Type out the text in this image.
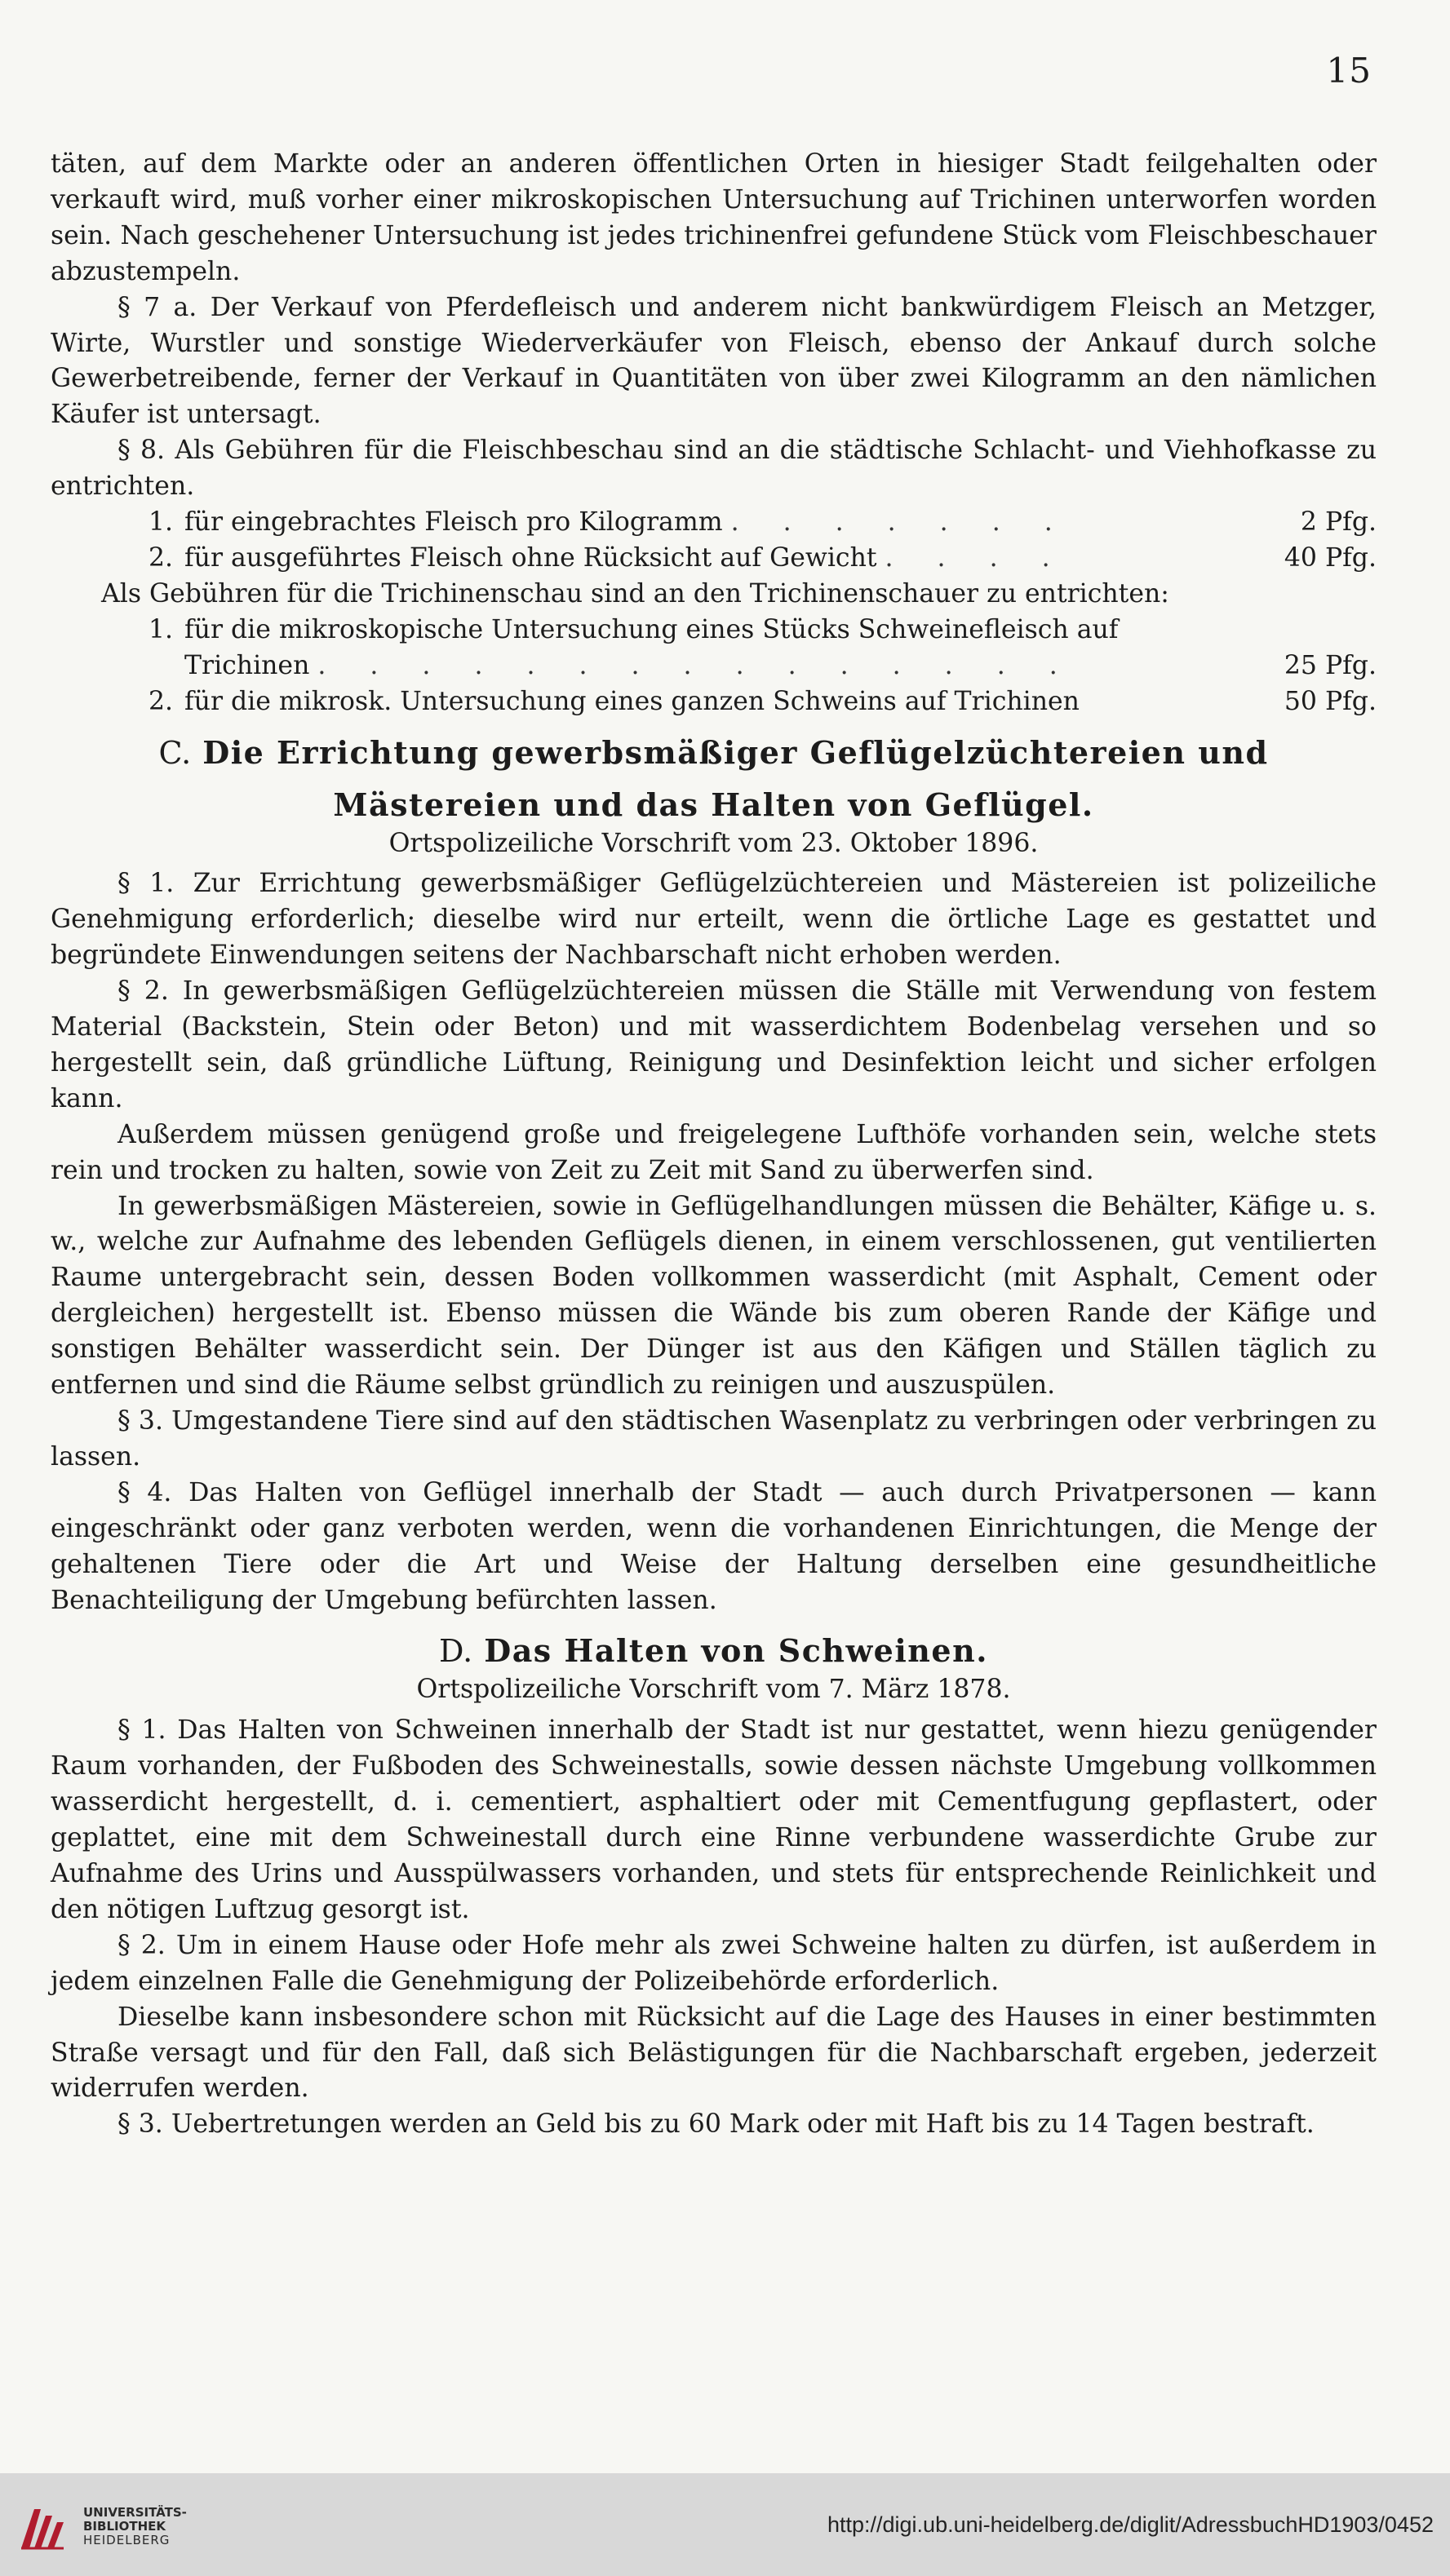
15

täten, auf dem Markte oder an anderen öffentlichen Orten in hiesiger Stadt feilgehalten oder verkauft wird, muß vorher einer mikroskopischen Untersuchung auf Trichinen unterworfen worden sein. Nach geschehener Untersuchung ist jedes trichinenfrei gefundene Stück vom Fleischbeschauer abzustempeln.

§ 7 a. Der Verkauf von Pferdefleisch und anderem nicht bankwürdigem Fleisch an Metzger, Wirte, Wurstler und sonstige Wiederverkäufer von Fleisch, ebenso der Ankauf durch solche Gewerbetreibende, ferner der Verkauf in Quantitäten von über zwei Kilogramm an den nämlichen Käufer ist untersagt.

§ 8. Als Gebühren für die Fleischbeschau sind an die städtische Schlacht- und Viehhofkasse zu entrichten.

1. für eingebrachtes Fleisch pro Kilogramm . . . . . . .	2 Pfg.
2. für ausgeführtes Fleisch ohne Rücksicht auf Gewicht . . . .	40 Pfg.

Als Gebühren für die Trichinenschau sind an den Trichinenschauer zu entrichten:

1. für die mikroskopische Untersuchung eines Stücks Schweinefleisch auf
Trichinen . . . . . . . . . . . . . . .	25 Pfg.
2. für die mikrosk. Untersuchung eines ganzen Schweins auf Trichinen	50 Pfg.
C. Die Errichtung gewerbsmäßiger Geflügelzüchtereien und
Mästereien und das Halten von Geflügel.
Ortspolizeiliche Vorschrift vom 23. Oktober 1896.

§ 1. Zur Errichtung gewerbsmäßiger Geflügelzüchtereien und Mästereien ist polizeiliche Genehmigung erforderlich; dieselbe wird nur erteilt, wenn die örtliche Lage es gestattet und begründete Einwendungen seitens der Nachbarschaft nicht erhoben werden.

§ 2. In gewerbsmäßigen Geflügelzüchtereien müssen die Ställe mit Verwendung von festem Material (Backstein, Stein oder Beton) und mit wasserdichtem Bodenbelag versehen und so hergestellt sein, daß gründliche Lüftung, Reinigung und Desinfektion leicht und sicher erfolgen kann.

Außerdem müssen genügend große und freigelegene Lufthöfe vorhanden sein, welche stets rein und trocken zu halten, sowie von Zeit zu Zeit mit Sand zu überwerfen sind.

In gewerbsmäßigen Mästereien, sowie in Geflügelhandlungen müssen die Behälter, Käfige u. s. w., welche zur Aufnahme des lebenden Geflügels dienen, in einem verschlossenen, gut ventilierten Raume untergebracht sein, dessen Boden vollkommen wasserdicht (mit Asphalt, Cement oder dergleichen) hergestellt ist. Ebenso müssen die Wände bis zum oberen Rande der Käfige und sonstigen Behälter wasserdicht sein. Der Dünger ist aus den Käfigen und Ställen täglich zu entfernen und sind die Räume selbst gründlich zu reinigen und auszuspülen.

§ 3. Umgestandene Tiere sind auf den städtischen Wasenplatz zu verbringen oder verbringen zu lassen.

§ 4. Das Halten von Geflügel innerhalb der Stadt — auch durch Privatpersonen — kann eingeschränkt oder ganz verboten werden, wenn die vorhandenen Einrichtungen, die Menge der gehaltenen Tiere oder die Art und Weise der Haltung derselben eine gesundheitliche Benachteiligung der Umgebung befürchten lassen.

D. Das Halten von Schweinen.
Ortspolizeiliche Vorschrift vom 7. März 1878.

§ 1. Das Halten von Schweinen innerhalb der Stadt ist nur gestattet, wenn hiezu genügender Raum vorhanden, der Fußboden des Schweinestalls, sowie dessen nächste Umgebung vollkommen wasserdicht hergestellt, d. i. cementiert, asphaltiert oder mit Cementfugung gepflastert, oder geplattet, eine mit dem Schweinestall durch eine Rinne verbundene wasserdichte Grube zur Aufnahme des Urins und Ausspülwassers vorhanden, und stets für entsprechende Reinlichkeit und den nötigen Luftzug gesorgt ist.

§ 2. Um in einem Hause oder Hofe mehr als zwei Schweine halten zu dürfen, ist außerdem in jedem einzelnen Falle die Genehmigung der Polizeibehörde erforderlich.

Dieselbe kann insbesondere schon mit Rücksicht auf die Lage des Hauses in einer bestimmten Straße versagt und für den Fall, daß sich Belästigungen für die Nachbarschaft ergeben, jederzeit widerrufen werden.

§ 3. Uebertretungen werden an Geld bis zu 60 Mark oder mit Haft bis zu 14 Tagen bestraft.

UNIVERSITÄTS-
BIBLIOTHEK
HEIDELBERG
http://digi.ub.uni-heidelberg.de/diglit/AdressbuchHD1903/0452
